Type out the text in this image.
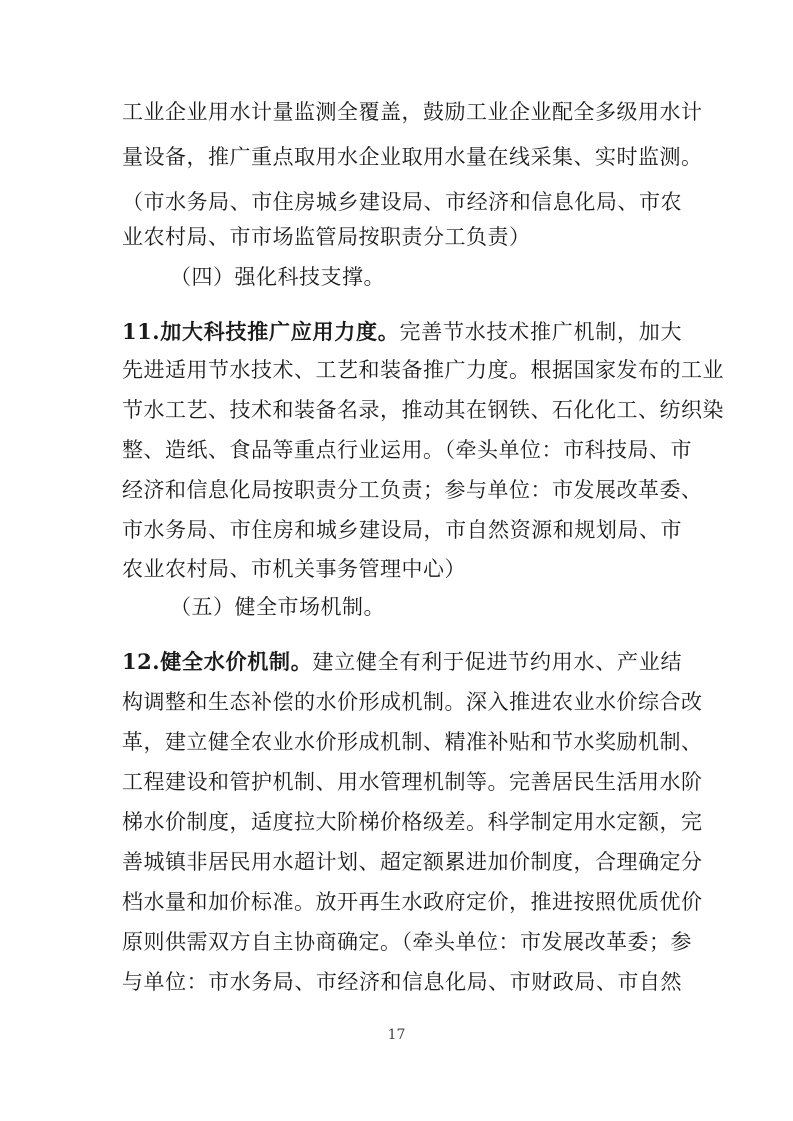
工业企业用水计量监测全覆盖，鼓励工业企业配全多级用水计
量设备，推广重点取用水企业取用水量在线采集、实时监测。
（市水务局、市住房城乡建设局、市经济和信息化局、市农
业农村局、市市场监管局按职责分工负责）
（四）强化科技支撑。
11.加大科技推广应用力度。完善节水技术推广机制，加大
先进适用节水技术、工艺和装备推广力度。根据国家发布的工业
节水工艺、技术和装备名录，推动其在钢铁、石化化工、纺织染
整、造纸、食品等重点行业运用。（牵头单位：市科技局、市
经济和信息化局按职责分工负责；参与单位：市发展改革委、
市水务局、市住房和城乡建设局，市自然资源和规划局、市
农业农村局、市机关事务管理中心）
（五）健全市场机制。
12.健全水价机制。建立健全有利于促进节约用水、产业结
构调整和生态补偿的水价形成机制。深入推进农业水价综合改
革，建立健全农业水价形成机制、精准补贴和节水奖励机制、
工程建设和管护机制、用水管理机制等。完善居民生活用水阶
梯水价制度，适度拉大阶梯价格级差。科学制定用水定额，完
善城镇非居民用水超计划、超定额累进加价制度，合理确定分
档水量和加价标准。放开再生水政府定价，推进按照优质优价
原则供需双方自主协商确定。（牵头单位：市发展改革委；参
与单位：市水务局、市经济和信息化局、市财政局、市自然
17
